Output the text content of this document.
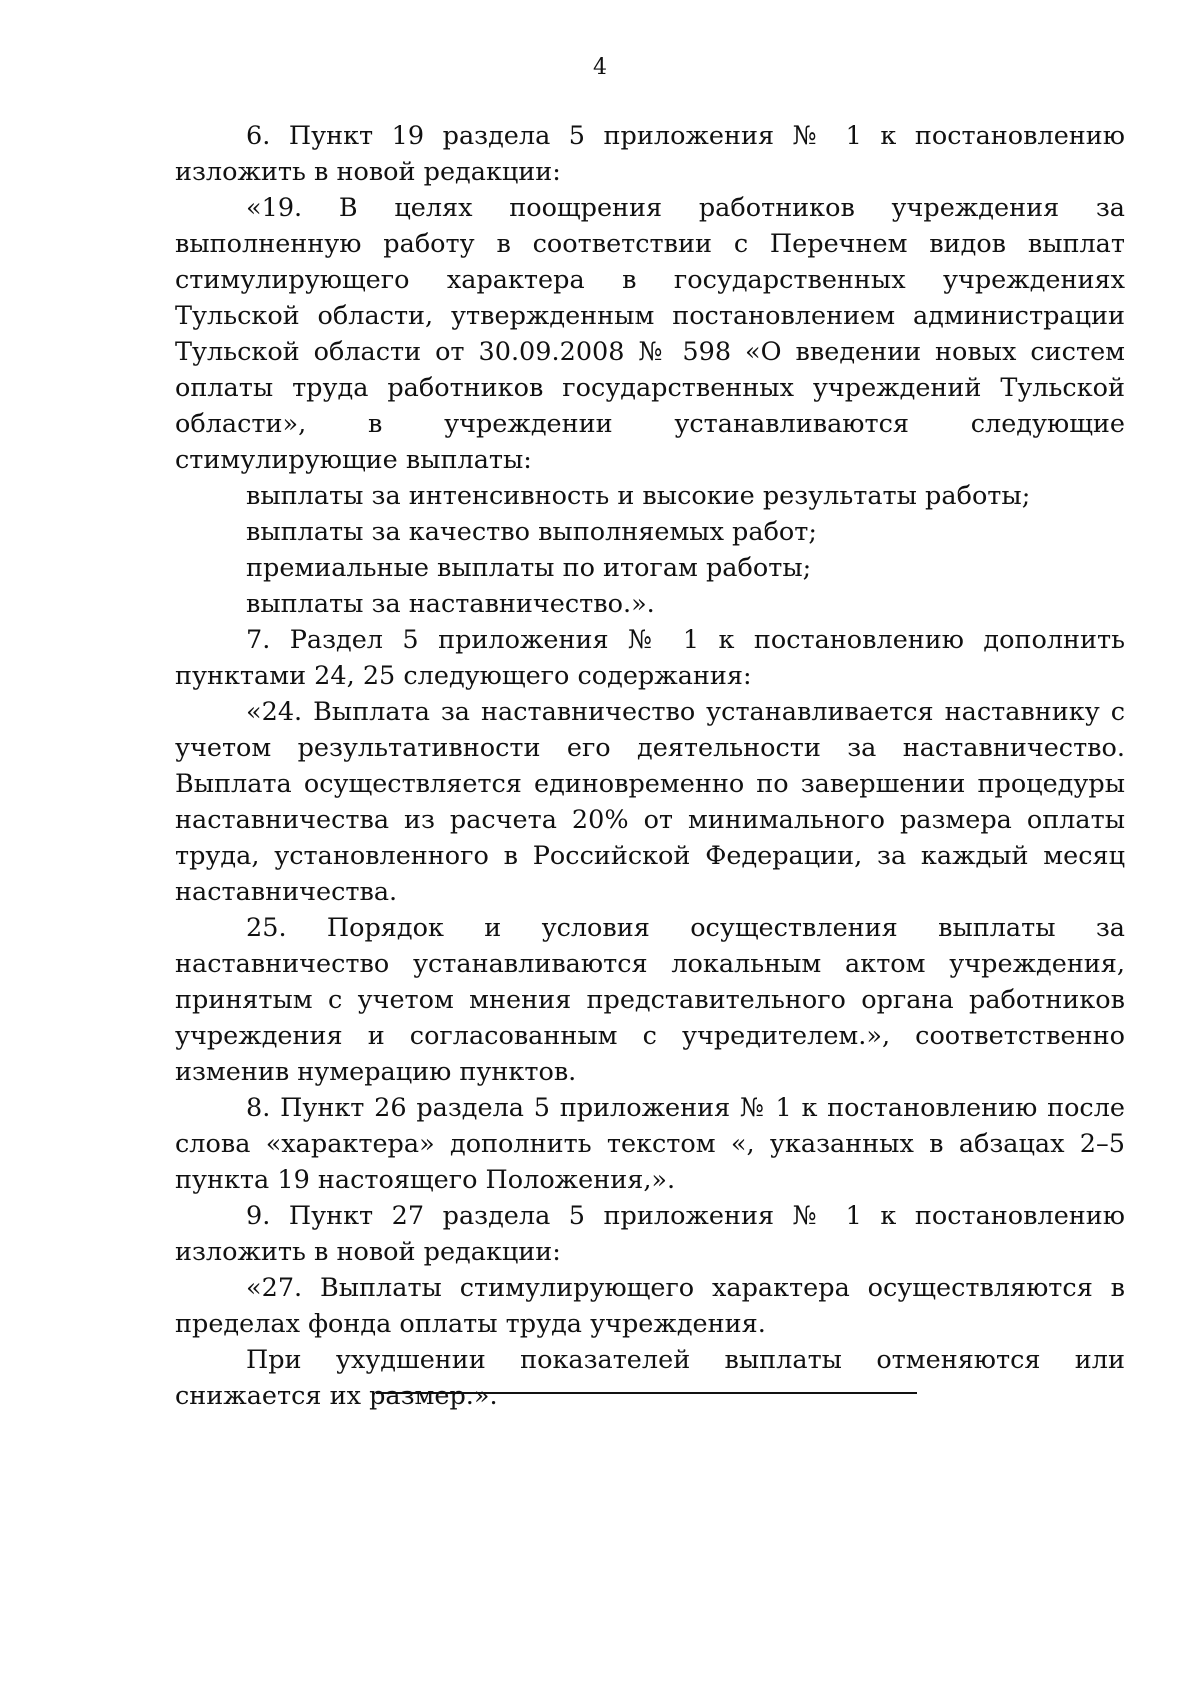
4

6. Пункт 19 раздела 5 приложения № 1 к постановлению изложить в новой редакции:

«19. В целях поощрения работников учреждения за выполненную работу в соответствии с Перечнем видов выплат стимулирующего характера в государственных учреждениях Тульской области, утвержденным постановлением администрации Тульской области от 30.09.2008 № 598 «О введении новых систем оплаты труда работников государственных учреждений Тульской области», в учреждении устанавливаются следующие стимулирующие выплаты:

выплаты за интенсивность и высокие результаты работы;

выплаты за качество выполняемых работ;

премиальные выплаты по итогам работы;

выплаты за наставничество.».

7. Раздел 5 приложения № 1 к постановлению дополнить пунктами 24, 25 следующего содержания:

«24. Выплата за наставничество устанавливается наставнику с учетом результативности его деятельности за наставничество. Выплата осуществляется единовременно по завершении процедуры наставничества из расчета 20% от минимального размера оплаты труда, установленного в Российской Федерации, за каждый месяц наставничества.

25. Порядок и условия осуществления выплаты за наставничество устанавливаются локальным актом учреждения, принятым с учетом мнения представительного органа работников учреждения и согласованным с учредителем.», соответственно изменив нумерацию пунктов.

8. Пункт 26 раздела 5 приложения № 1 к постановлению после слова «характера» дополнить текстом «, указанных в абзацах 2–5 пункта 19 настоящего Положения,».

9. Пункт 27 раздела 5 приложения № 1 к постановлению изложить в новой редакции:

«27. Выплаты стимулирующего характера осуществляются в пределах фонда оплаты труда учреждения.

При ухудшении показателей выплаты отменяются или снижается их размер.».
